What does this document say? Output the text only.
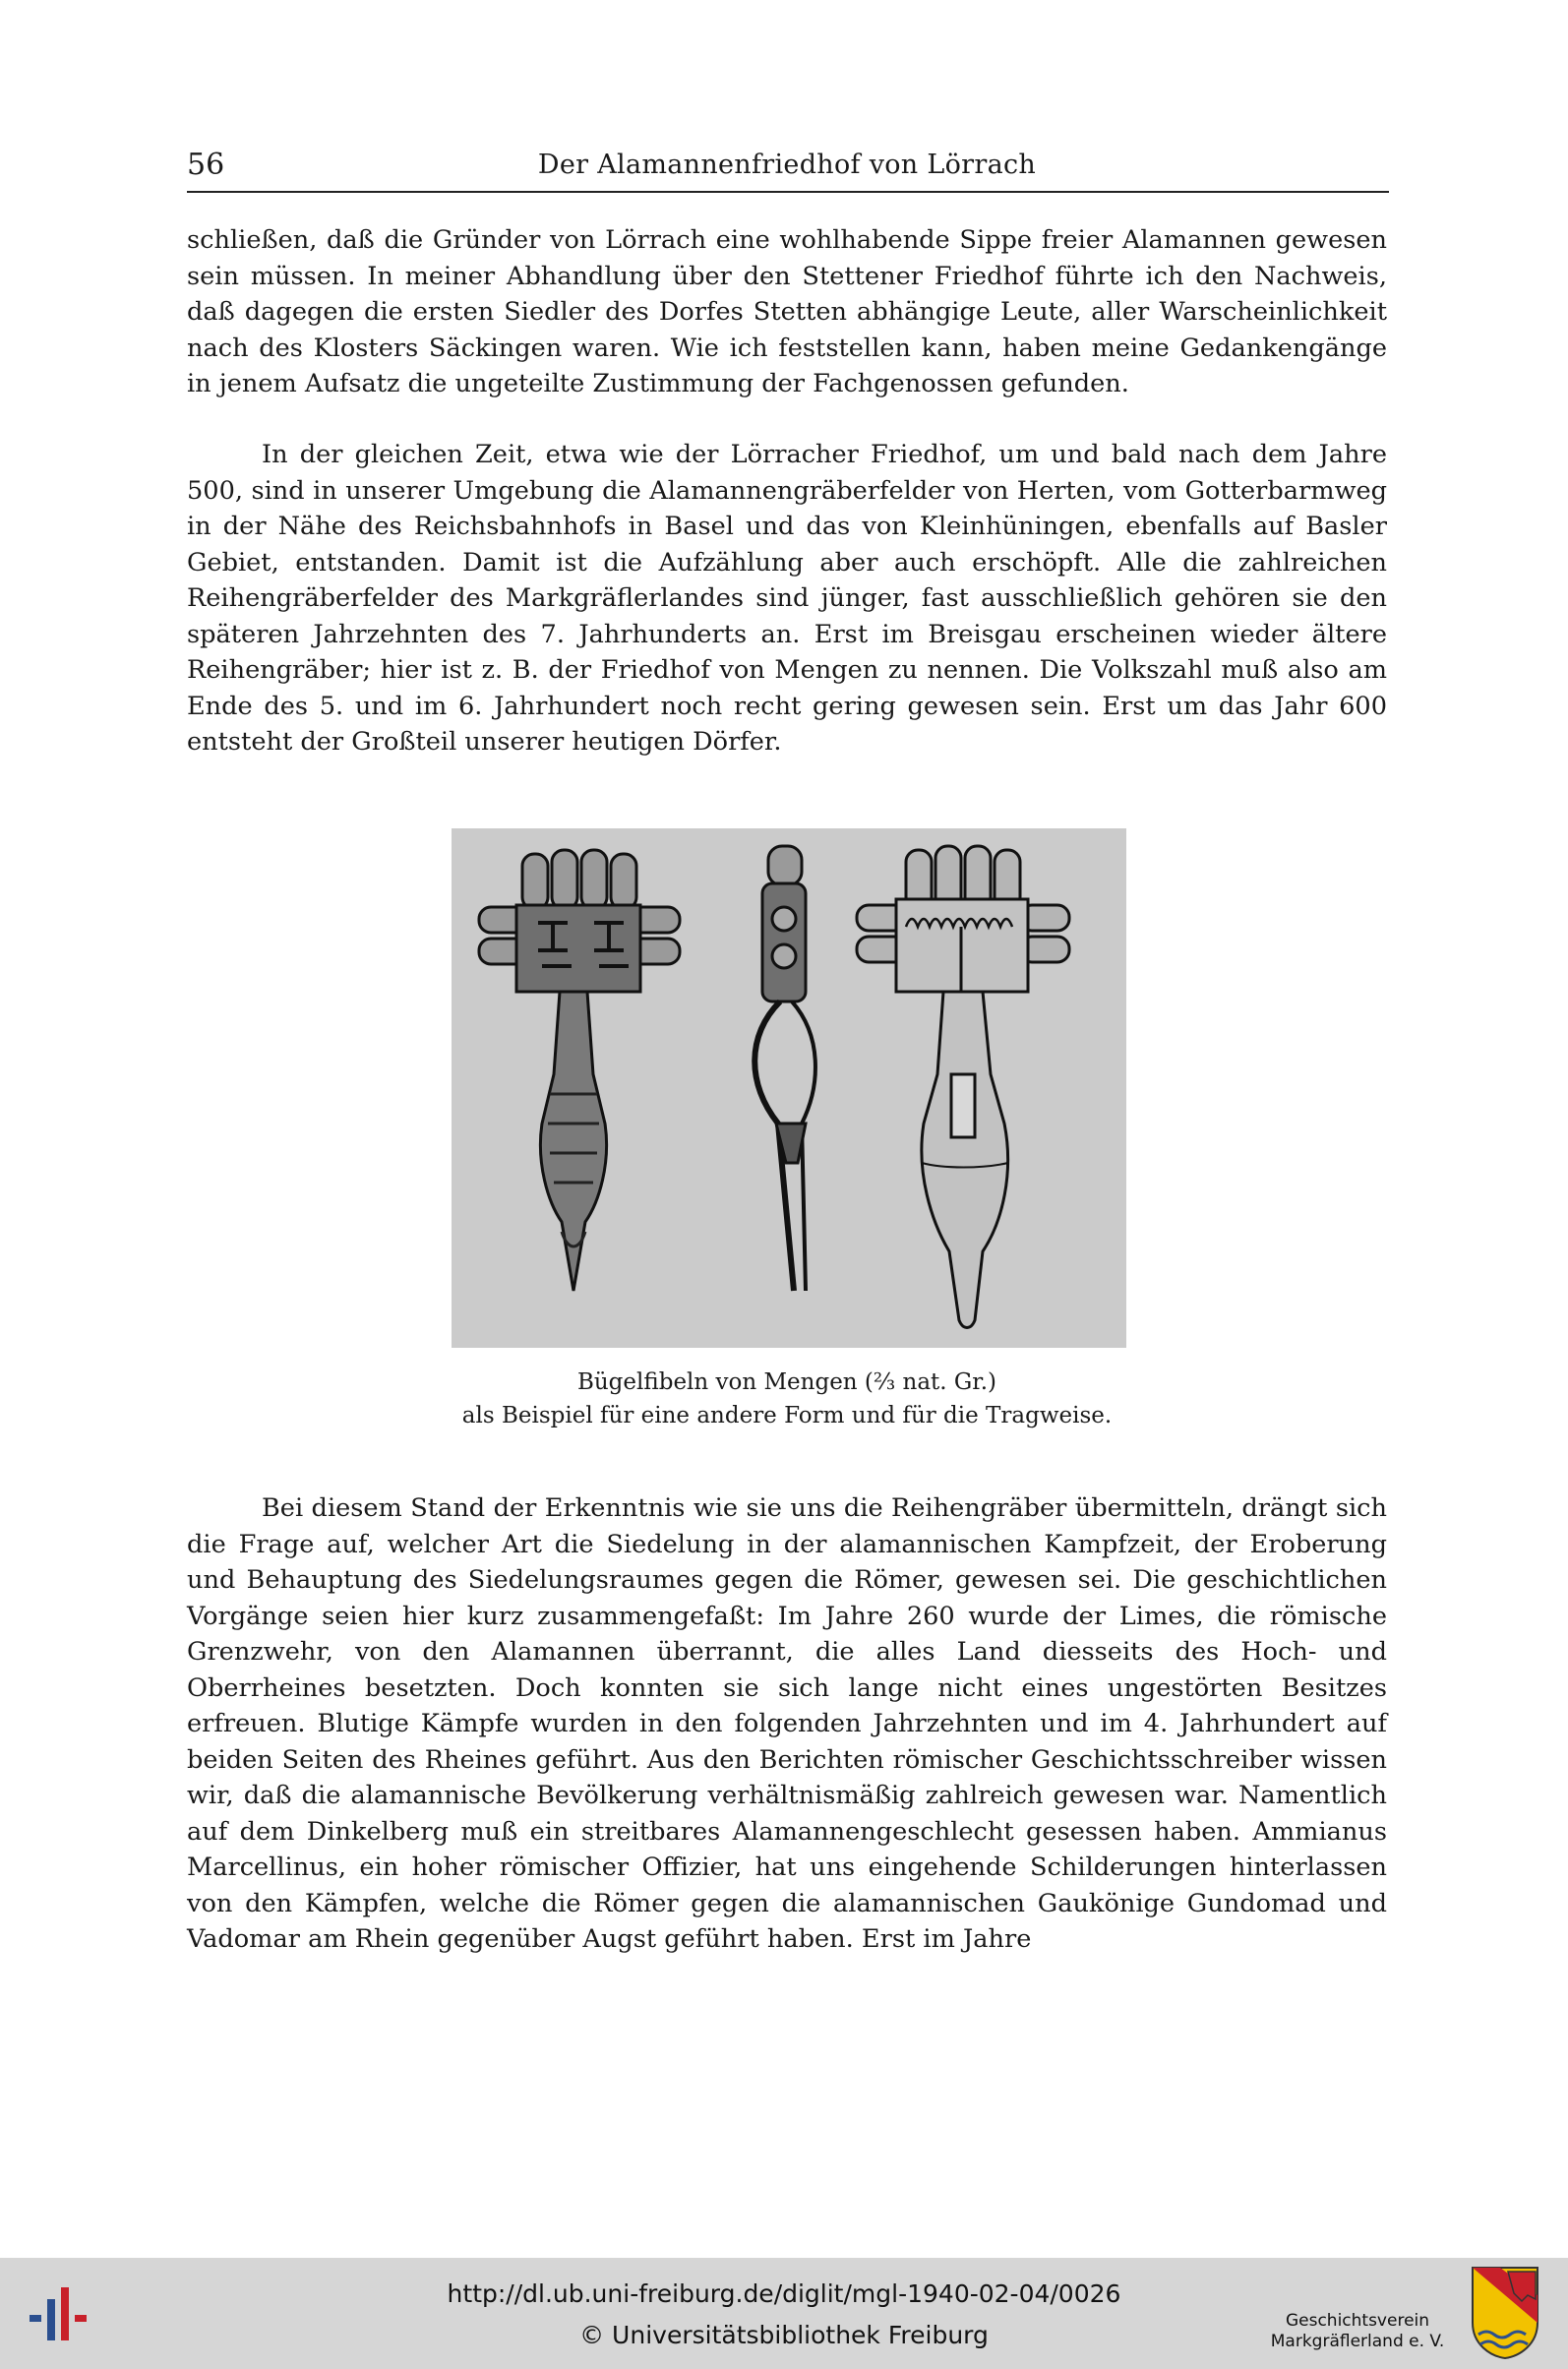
56	Der Alamannenfriedhof von Lörrach

schließen, daß die Gründer von Lörrach eine wohlhabende Sippe freier Alamannen gewesen sein müssen. In meiner Abhandlung über den Stettener Friedhof führte ich den Nachweis, daß dagegen die ersten Siedler des Dorfes Stetten abhängige Leute, aller Warscheinlichkeit nach des Klosters Säckingen waren. Wie ich feststellen kann, haben meine Gedankengänge in jenem Aufsatz die ungeteilte Zustimmung der Fachgenossen gefunden.

In der gleichen Zeit, etwa wie der Lörracher Friedhof, um und bald nach dem Jahre 500, sind in unserer Umgebung die Alamannengräberfelder von Herten, vom Gotterbarmweg in der Nähe des Reichsbahnhofs in Basel und das von Kleinhüningen, ebenfalls auf Basler Gebiet, entstanden. Damit ist die Aufzählung aber auch erschöpft. Alle die zahlreichen Reihengräberfelder des Markgräflerlandes sind jünger, fast ausschließlich gehören sie den späteren Jahrzehnten des 7. Jahrhunderts an. Erst im Breisgau erscheinen wieder ältere Reihengräber; hier ist z. B. der Friedhof von Mengen zu nennen. Die Volkszahl muß also am Ende des 5. und im 6. Jahrhundert noch recht gering gewesen sein. Erst um das Jahr 600 entsteht der Großteil unserer heutigen Dörfer.

Bügelfibeln von Mengen (⅔ nat. Gr.)
als Beispiel für eine andere Form und für die Tragweise.

Bei diesem Stand der Erkenntnis wie sie uns die Reihengräber übermitteln, drängt sich die Frage auf, welcher Art die Siedelung in der alamannischen Kampfzeit, der Eroberung und Behauptung des Siedelungsraumes gegen die Römer, gewesen sei. Die geschichtlichen Vorgänge seien hier kurz zusammengefaßt: Im Jahre 260 wurde der Limes, die römische Grenzwehr, von den Alamannen überrannt, die alles Land diesseits des Hoch- und Oberrheines besetzten. Doch konnten sie sich lange nicht eines ungestörten Besitzes erfreuen. Blutige Kämpfe wurden in den folgenden Jahrzehnten und im 4. Jahrhundert auf beiden Seiten des Rheines geführt. Aus den Berichten römischer Geschichtsschreiber wissen wir, daß die alamannische Bevölkerung verhältnismäßig zahlreich gewesen war. Namentlich auf dem Dinkelberg muß ein streitbares Alamannengeschlecht gesessen haben. Ammianus Marcellinus, ein hoher römischer Offizier, hat uns eingehende Schilderungen hinterlassen von den Kämpfen, welche die Römer gegen die alamannischen Gaukönige Gundomad und Vadomar am Rhein gegenüber Augst geführt haben. Erst im Jahre

http://dl.ub.uni-freiburg.de/diglit/mgl-1940-02-04/0026
© Universitätsbibliothek Freiburg	Geschichtsverein
Markgräflerland e. V.
